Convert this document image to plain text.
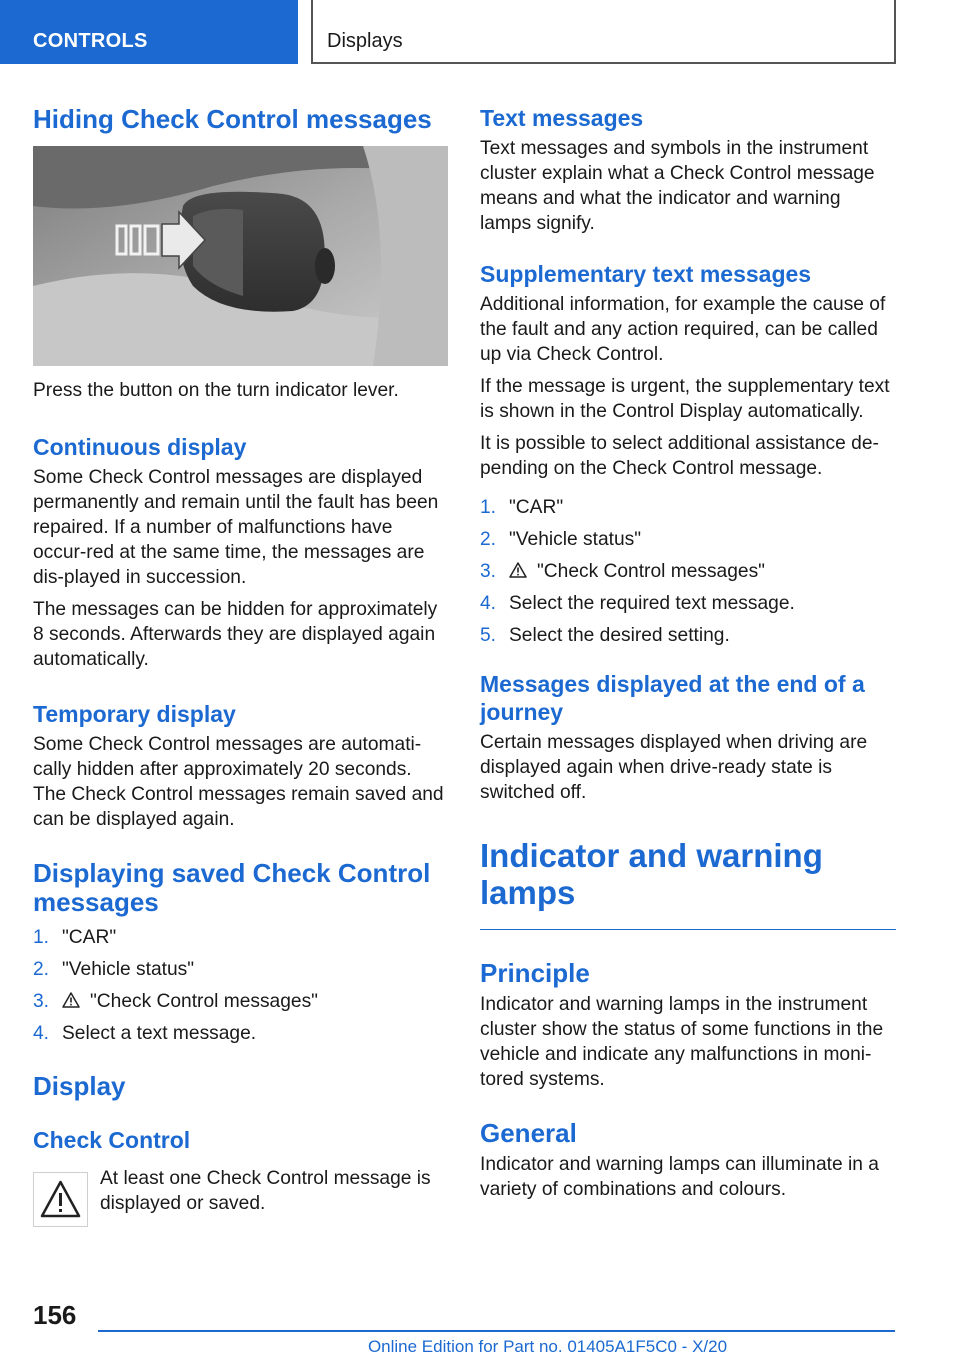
CONTROLS	Displays
Hiding Check Control messages

Press the button on the turn indicator lever.

Continuous display

Some Check Control messages are displayed permanently and remain until the fault has been repaired. If a number of malfunctions have occur-red at the same time, the messages are dis-played in succession.

The messages can be hidden for approximately 8 seconds. Afterwards they are displayed again automatically.

Temporary display

Some Check Control messages are automati-cally hidden after approximately 20 seconds. The Check Control messages remain saved and can be displayed again.

Displaying saved Check Control messages
1. "CAR"
2. "Vehicle status"
3. "Check Control messages"
4. Select a text message.
Display
Check Control

At least one Check Control message is displayed or saved.

Text messages

Text messages and symbols in the instrument cluster explain what a Check Control message means and what the indicator and warning lamps signify.

Supplementary text messages

Additional information, for example the cause of the fault and any action required, can be called up via Check Control.

If the message is urgent, the supplementary text is shown in the Control Display automatically.

It is possible to select additional assistance de-pending on the Check Control message.

1. "CAR"
2. "Vehicle status"
3. "Check Control messages"
4. Select the required text message.
5. Select the desired setting.
Messages displayed at the end of a journey

Certain messages displayed when driving are displayed again when drive-ready state is switched off.

Indicator and warning lamps
Principle

Indicator and warning lamps in the instrument cluster show the status of some functions in the vehicle and indicate any malfunctions in moni-tored systems.

General

Indicator and warning lamps can illuminate in a variety of combinations and colours.

156
Online Edition for Part no. 01405A1F5C0 - X/20
